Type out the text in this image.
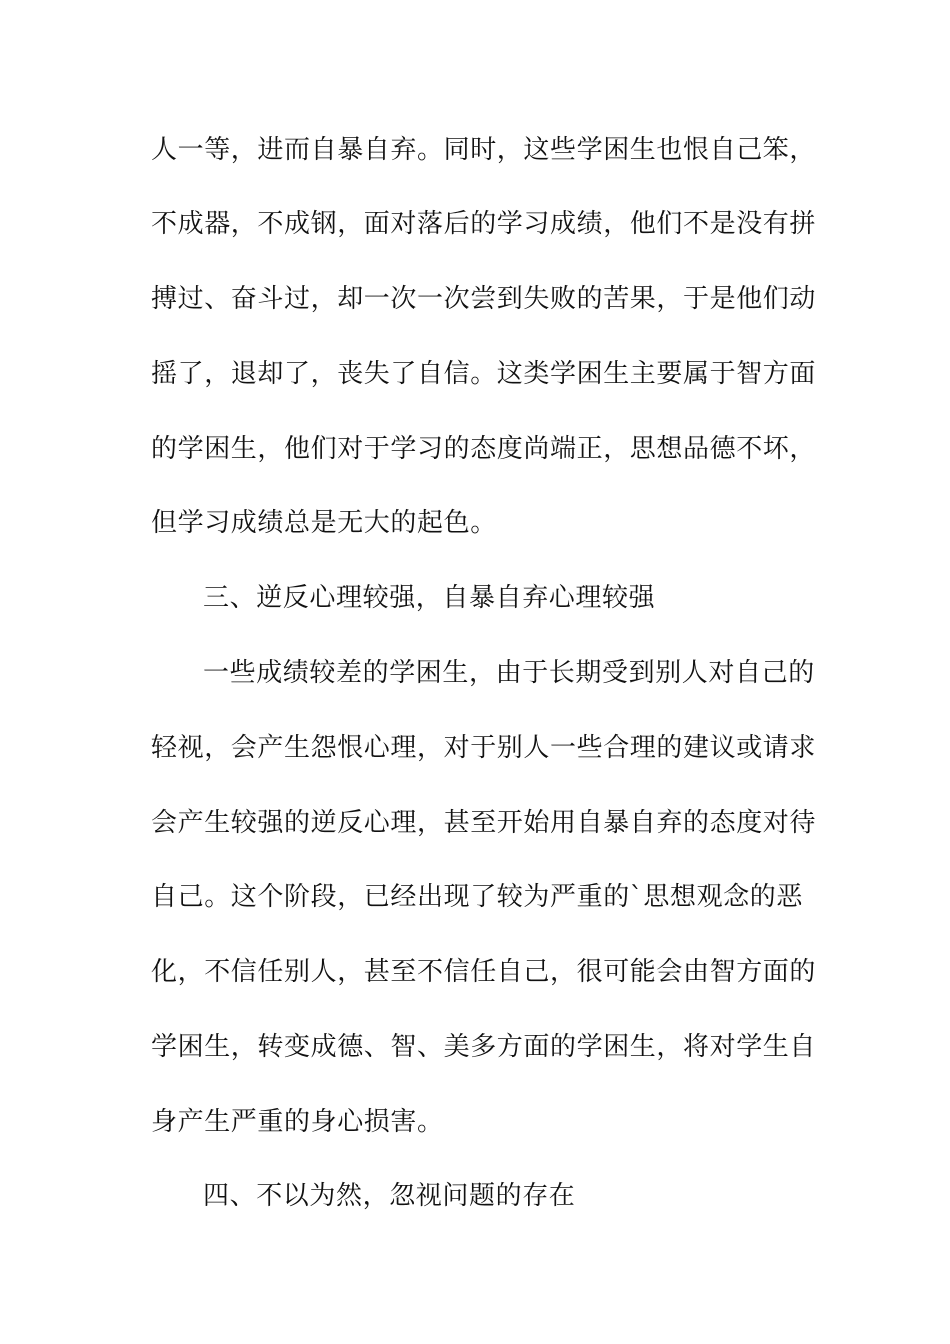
人一等，进而自暴自弃。同时，这些学困生也恨自己笨，
不成器，不成钢，面对落后的学习成绩，他们不是没有拼
搏过、奋斗过，却一次一次尝到失败的苦果，于是他们动
摇了，退却了，丧失了自信。这类学困生主要属于智方面
的学困生，他们对于学习的态度尚端正，思想品德不坏，
但学习成绩总是无大的起色。
三、逆反心理较强，自暴自弃心理较强
一些成绩较差的学困生，由于长期受到别人对自己的
轻视，会产生怨恨心理，对于别人一些合理的建议或请求
会产生较强的逆反心理，甚至开始用自暴自弃的态度对待
自己。这个阶段，已经出现了较为严重的`思想观念的恶
化，不信任别人，甚至不信任自己，很可能会由智方面的
学困生，转变成德、智、美多方面的学困生，将对学生自
身产生严重的身心损害。
四、不以为然，忽视问题的存在
